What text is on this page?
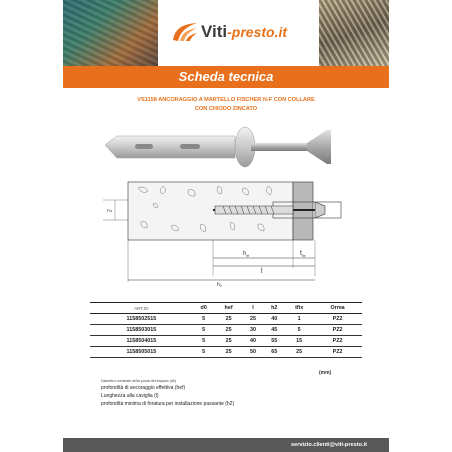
Viti-presto.it
Scheda tecnica
VS1158 ANCORAGGIO A MARTELLO FISCHER N-F CON COLLARE
CON CHIODO ZINCATO
Fix
$h_{ef}$
l
$t_{fix}$
$h_2$
ART.ID	d0	hef	l	h2	tfix	Orma
1158502515	5	25	25	40	1	PZ2
1158503015	5	25	30	45	5	PZ2
1158504015	5	25	40	55	15	PZ2
1158505015	5	25	50	65	25	PZ2
(mm)
Diametro nominale della punta del trapano (d0)
profondità di ancoraggio effettiva (hef)
Lunghezza alla caviglia (l)
profondità minima di foratura per installazione passante (h2)
servizio.clienti@viti-presto.it
